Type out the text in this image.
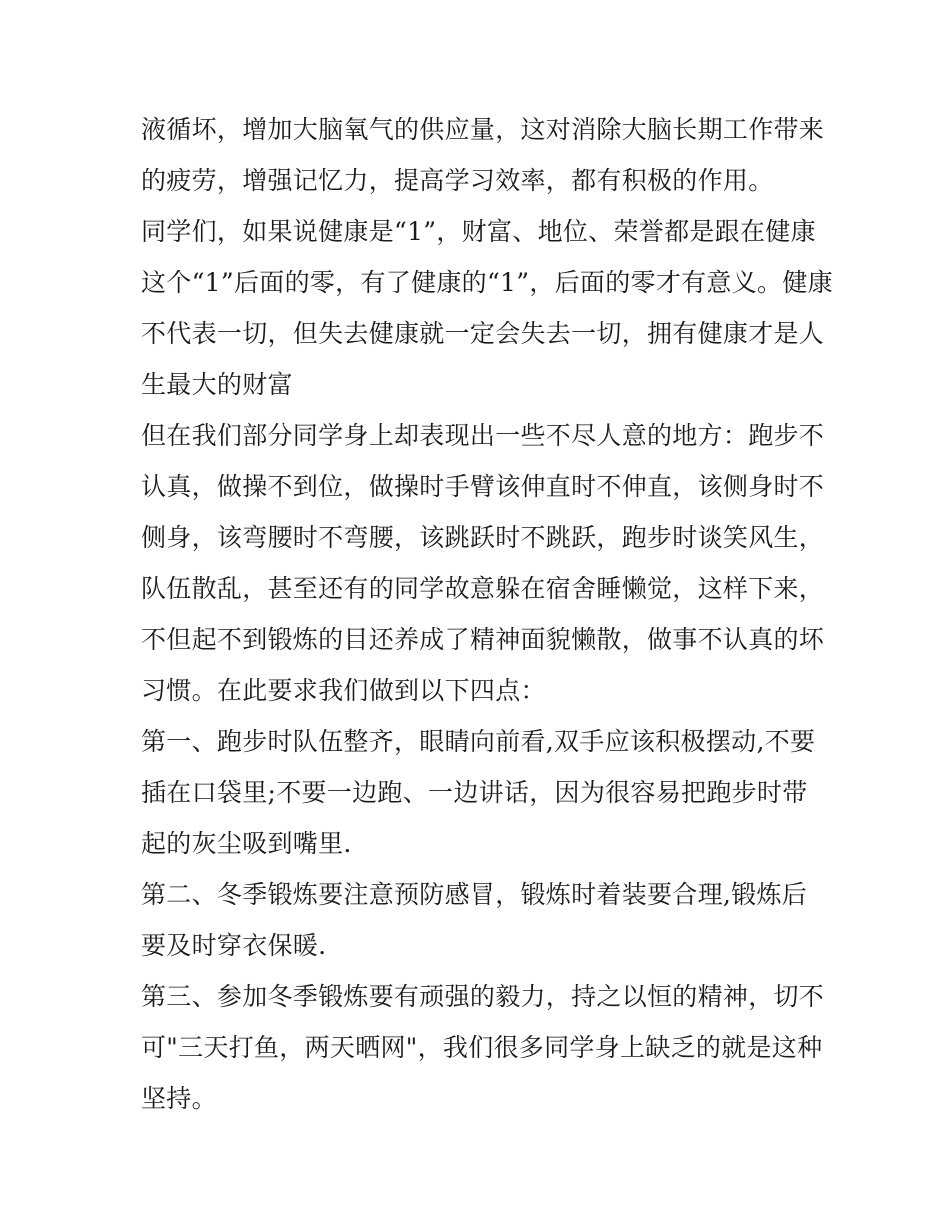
液循坏，增加大脑氧气的供应量，这对消除大脑长期工作带来
的疲劳，增强记忆力，提高学习效率，都有积极的作用。
同学们，如果说健康是“1”，财富、地位、荣誉都是跟在健康
这个“1”后面的零，有了健康的“1”，后面的零才有意义。健康
不代表一切，但失去健康就一定会失去一切，拥有健康才是人
生最大的财富
但在我们部分同学身上却表现出一些不尽人意的地方：跑步不
认真，做操不到位，做操时手臂该伸直时不伸直，该侧身时不
侧身，该弯腰时不弯腰，该跳跃时不跳跃，跑步时谈笑风生，
队伍散乱，甚至还有的同学故意躲在宿舍睡懒觉，这样下来，
不但起不到锻炼的目还养成了精神面貌懒散，做事不认真的坏
习惯。在此要求我们做到以下四点：
第一、跑步时队伍整齐，眼睛向前看,双手应该积极摆动,不要
插在口袋里;不要一边跑、一边讲话，因为很容易把跑步时带
起的灰尘吸到嘴里.
第二、冬季锻炼要注意预防感冒，锻炼时着装要合理,锻炼后
要及时穿衣保暖.
第三、参加冬季锻炼要有顽强的毅力，持之以恒的精神，切不
可"三天打鱼，两天晒网"，我们很多同学身上缺乏的就是这种
坚持。
